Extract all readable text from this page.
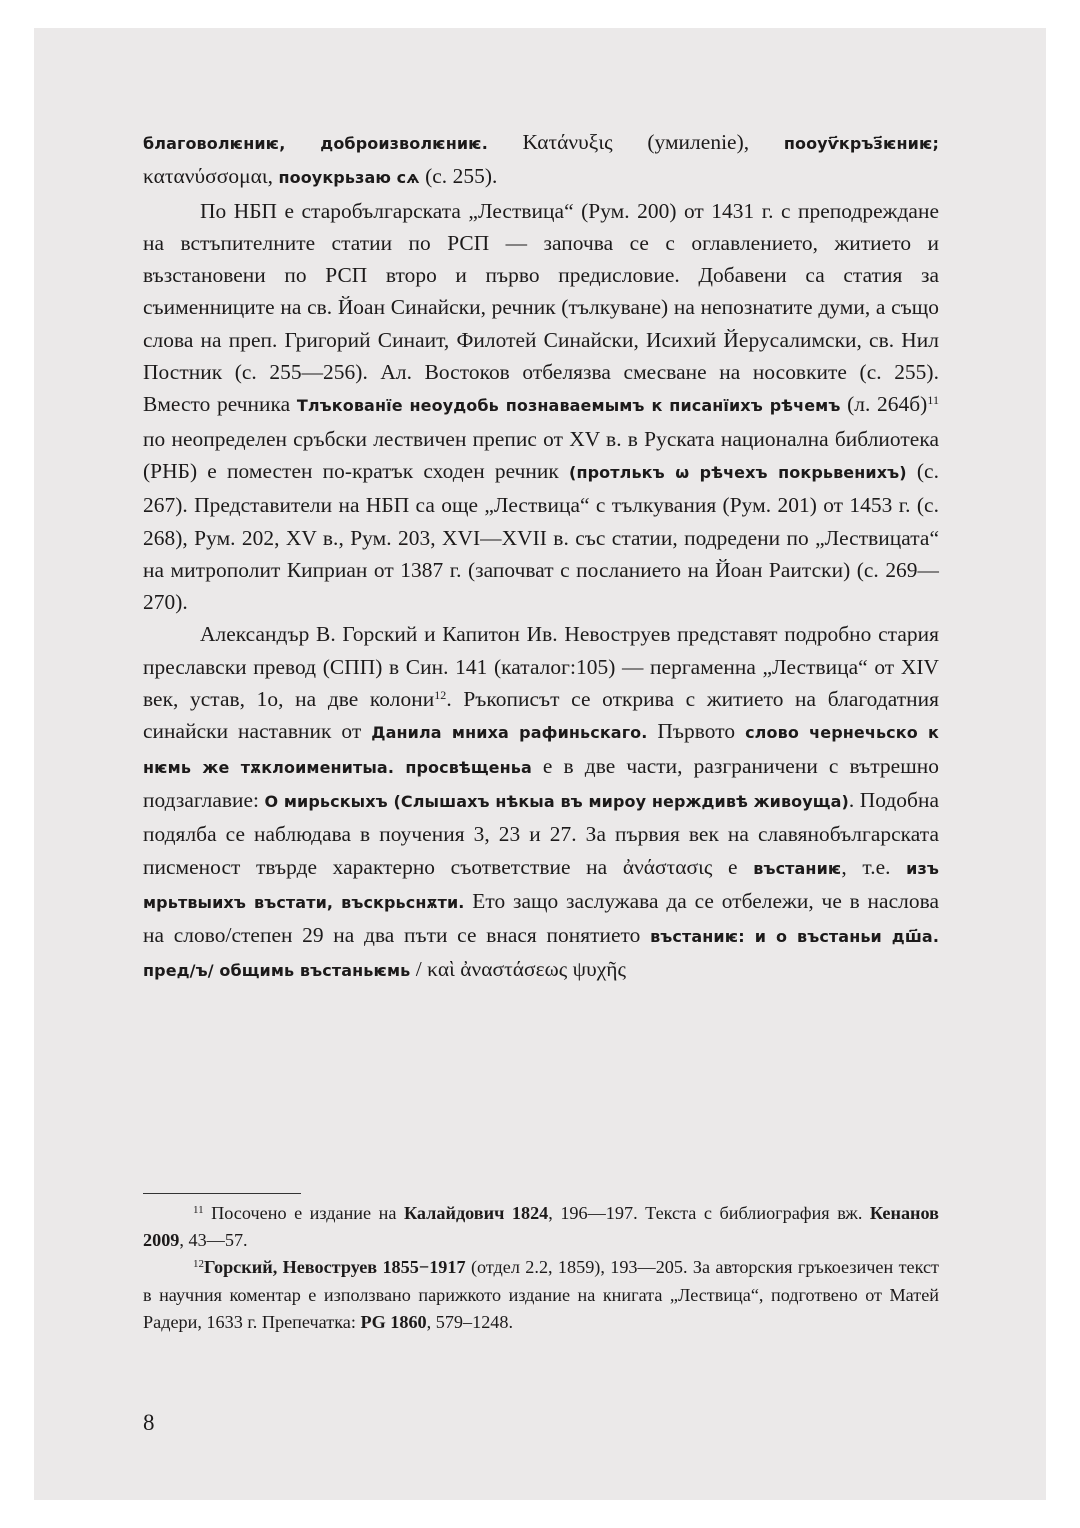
благоволѥниѥ, доброизволѥниѥ. Κατάνυξις (умилеnie), пооуѵ҃кръз҃ѥниѥ; κατανύσσομαι, пооукрьзаю сѧ (с. 255).

По НБП е старобългарската „Лествица“ (Рум. 200) от 1431 г. с преподреждане на встъпителните статии по РСП — започва се с оглавлението, житието и възстановени по РСП второ и първо предисловие. Добавени са статия за съименниците на св. Йоан Синайски, речник (тълкуване) на непознатите думи, а също слова на преп. Григорий Синаит, Филотей Синайски, Исихий Йерусалимски, св. Нил Постник (с. 255—256). Ал. Востоков отбелязва смесване на носовките (с. 255). Вместо речника Тлъкованïе неоудобь познаваемымъ к писанïихъ рѣчемъ (л. 264б)$^{11}$ по неопределен сръбски лествичен препис от XV в. в Руската национална библиотека (РНБ) е поместен по-кратък сходен речник (протлькъ ѡ рѣчехъ покрьвенихъ) (с. 267). Представители на НБП са още „Лествица“ с тълкувания (Рум. 201) от 1453 г. (с. 268), Рум. 202, XV в., Рум. 203, XVI—XVII в. със статии, подредени по „Лествицата“ на митрополит Киприан от 1387 г. (започват с посланието на Йоан Раитски) (с. 269—270).

Александър В. Горский и Капитон Ив. Невоструев представят подробно стария преславски превод (СПП) в Син. 141 (каталог:105) — пергаменна „Лествица“ от XIV век, устав, 1о, на две колони$^{12}$. Ръкописът се открива с житието на благодатния синайски наставник от Данила мниха рафиньскаго. Първото слово чернечьско к нѥмь же тѫклоименитыа. просвѣщеньа е в две части, разграничени с вътрешно подзаглавие: О мирьскыхъ (Слышахъ нѣкыа въ мироу нерждивѣ живоуща). Подобна подялба се наблюдава в поучения 3, 23 и 27. За първия век на славянобългарската писменост твърде характерно съответствие на ἀνάστασις е въстаниѥ, т.е. изъ мрьтвыихъ въстати, въскрьснѫти. Ето защо заслужава да се отбележи, че в наслова на слово/степен 29 на два пъти се внася понятието въстаниѥ: и о въстаньи дш҃а. пред/ъ/ общимь въстаньѥмь / καὶ ἀναστάσεως ψυχῆς

$^{11}$ Посочено е издание на Калайдович 1824, 196—197. Текста с библиография вж. Кенанов 2009, 43—57.

$^{12}$Горский, Невоструев 1855−1917 (отдел 2.2, 1859), 193—205. За авторския гръкоезичен текст в научния коментар е използвано парижкото издание на книгата „Лествица“, подготвено от Матей Радери, 1633 г. Препечатка: PG 1860, 579–1248.

8
